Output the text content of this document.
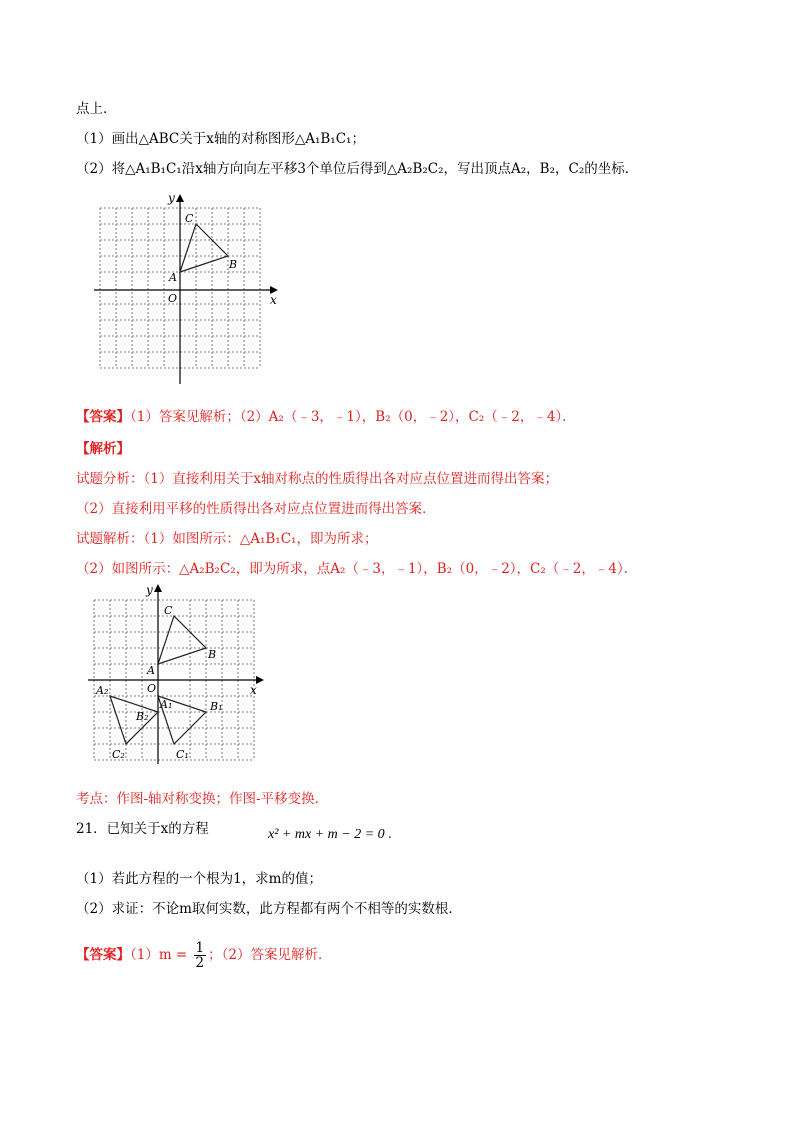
点上．
（1）画出△ABC关于x轴的对称图形△A₁B₁C₁；
（2）将△A₁B₁C₁沿x轴方向向左平移3个单位后得到△A₂B₂C₂，写出顶点A₂，B₂，C₂的坐标．
y
x
O
A
B
C
【答案】（1）答案见解析；（2）A₂（﹣3，﹣1），B₂（0，﹣2），C₂（﹣2，﹣4）．
【解析】
试题分析：（1）直接利用关于x轴对称点的性质得出各对应点位置进而得出答案；
（2）直接利用平移的性质得出各对应点位置进而得出答案．
试题解析：（1）如图所示：△A₁B₁C₁，即为所求；
（2）如图所示：△A₂B₂C₂，即为所求，点A₂（﹣3，﹣1），B₂（0，﹣2），C₂（﹣2，﹣4）．
y
x
O
A
B
C
A₁	B₁
C₁
A₂
B₂
C₂
考点：作图-轴对称变换；作图-平移变换．
21．已知关于x的方程	x² + mx + m − 2 = 0 .
（1）若此方程的一个根为1，求m的值；
（2）求证：不论m取何实数，此方程都有两个不相等的实数根．
【答案】$(1)m = \frac{1}{2}$ ；（2）答案见解析．
